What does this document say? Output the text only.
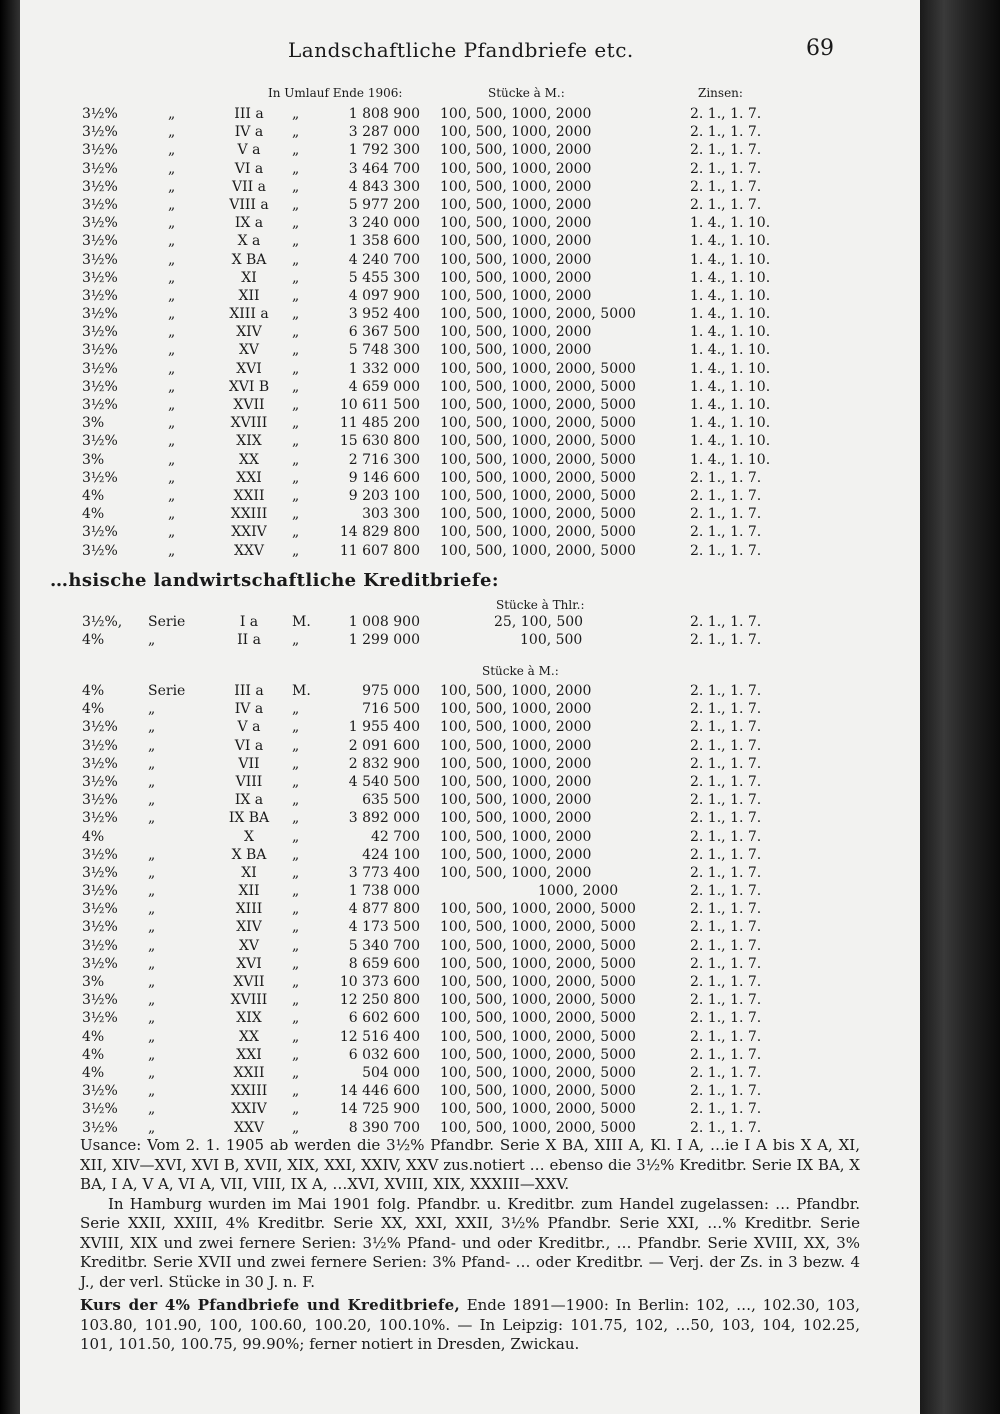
Landschaftliche Pfandbriefe etc.	69
In Umlauf Ende 1906:	Stücke à M.:	Zinsen:
3½%	„	III a	„	1 808 900 100, 500, 1000, 2000	2. 1., 1. 7.
3½%	„	IV a	„	3 287 000 100, 500, 1000, 2000	2. 1., 1. 7.
3½%	„	V a	„	1 792 300 100, 500, 1000, 2000	2. 1., 1. 7.
3½%	„	VI a	„	3 464 700 100, 500, 1000, 2000	2. 1., 1. 7.
3½%	„	VII a	„	4 843 300 100, 500, 1000, 2000	2. 1., 1. 7.
3½%	„	VIII a	„	5 977 200 100, 500, 1000, 2000	2. 1., 1. 7.
3½%	„	IX a	„	3 240 000 100, 500, 1000, 2000	1. 4., 1. 10.
3½%	„	X a	„	1 358 600 100, 500, 1000, 2000	1. 4., 1. 10.
3½%	„	X BA	„	4 240 700 100, 500, 1000, 2000	1. 4., 1. 10.
3½%	„	XI	„	5 455 300 100, 500, 1000, 2000	1. 4., 1. 10.
3½%	„	XII	„	4 097 900 100, 500, 1000, 2000	1. 4., 1. 10.
3½%	„	XIII a	„	3 952 400 100, 500, 1000, 2000, 5000	1. 4., 1. 10.
3½%	„	XIV	„	6 367 500 100, 500, 1000, 2000	1. 4., 1. 10.
3½%	„	XV	„	5 748 300 100, 500, 1000, 2000	1. 4., 1. 10.
3½%	„	XVI	„	1 332 000 100, 500, 1000, 2000, 5000	1. 4., 1. 10.
3½%	„	XVI B	„	4 659 000 100, 500, 1000, 2000, 5000	1. 4., 1. 10.
3½%	„	XVII	„	10 611 500 100, 500, 1000, 2000, 5000	1. 4., 1. 10.
3%	„	XVIII	„	11 485 200 100, 500, 1000, 2000, 5000	1. 4., 1. 10.
3½%	„	XIX	„	15 630 800 100, 500, 1000, 2000, 5000	1. 4., 1. 10.
3%	„	XX	„	2 716 300 100, 500, 1000, 2000, 5000	1. 4., 1. 10.
3½%	„	XXI	„	9 146 600 100, 500, 1000, 2000, 5000	2. 1., 1. 7.
4%	„	XXII	„	9 203 100 100, 500, 1000, 2000, 5000	2. 1., 1. 7.
4%	„	XXIII	„	303 300 100, 500, 1000, 2000, 5000	2. 1., 1. 7.
3½%	„	XXIV	„	14 829 800 100, 500, 1000, 2000, 5000	2. 1., 1. 7.
3½%	„	XXV	„	11 607 800 100, 500, 1000, 2000, 5000	2. 1., 1. 7.
…hsische landwirtschaftliche Kreditbriefe:
Stücke à Thlr.:
3½%, Serie	I a	M.	1 008 900	25, 100, 500	2. 1., 1. 7.
4%	„	II a	„	1 299 000	100, 500	2. 1., 1. 7.
Stücke à M.:
4%	Serie	III a	M.	975 000 100, 500, 1000, 2000	2. 1., 1. 7.
4%	„	IV a	„	716 500 100, 500, 1000, 2000	2. 1., 1. 7.
3½% „	V a	„	1 955 400 100, 500, 1000, 2000	2. 1., 1. 7.
3½% „	VI a	„	2 091 600 100, 500, 1000, 2000	2. 1., 1. 7.
3½% „	VII	„	2 832 900 100, 500, 1000, 2000	2. 1., 1. 7.
3½% „	VIII	„	4 540 500 100, 500, 1000, 2000	2. 1., 1. 7.
3½% „	IX a	„	635 500 100, 500, 1000, 2000	2. 1., 1. 7.
3½% „	IX BA	„	3 892 000 100, 500, 1000, 2000	2. 1., 1. 7.
4%	X	„	42 700 100, 500, 1000, 2000	2. 1., 1. 7.
3½% „	X BA	„	424 100 100, 500, 1000, 2000	2. 1., 1. 7.
3½% „	XI	„	3 773 400 100, 500, 1000, 2000	2. 1., 1. 7.
3½% „	XII	„	1 738 000	1000, 2000	2. 1., 1. 7.
3½% „	XIII	„	4 877 800 100, 500, 1000, 2000, 5000	2. 1., 1. 7.
3½% „	XIV	„	4 173 500 100, 500, 1000, 2000, 5000	2. 1., 1. 7.
3½% „	XV	„	5 340 700 100, 500, 1000, 2000, 5000	2. 1., 1. 7.
3½% „	XVI	„	8 659 600 100, 500, 1000, 2000, 5000	2. 1., 1. 7.
3%	„	XVII	„	10 373 600 100, 500, 1000, 2000, 5000	2. 1., 1. 7.
3½% „	XVIII	„	12 250 800 100, 500, 1000, 2000, 5000	2. 1., 1. 7.
3½% „	XIX	„	6 602 600 100, 500, 1000, 2000, 5000	2. 1., 1. 7.
4%	„	XX	„	12 516 400 100, 500, 1000, 2000, 5000	2. 1., 1. 7.
4%	„	XXI	„	6 032 600 100, 500, 1000, 2000, 5000	2. 1., 1. 7.
4%	„	XXII	„	504 000 100, 500, 1000, 2000, 5000	2. 1., 1. 7.
3½% „	XXIII	„	14 446 600 100, 500, 1000, 2000, 5000	2. 1., 1. 7.
3½% „	XXIV	„	14 725 900 100, 500, 1000, 2000, 5000	2. 1., 1. 7.
3½% „	XXV	„	8 390 700 100, 500, 1000, 2000, 5000	2. 1., 1. 7.

Usance: Vom 2. 1. 1905 ab werden die 3½% Pfandbr. Serie X BA, XIII A, Kl. I A, …ie I A bis X A, XI, XII, XIV—XVI, XVI B, XVII, XIX, XXI, XXIV, XXV zus.notiert … ebenso die 3½% Kreditbr. Serie IX BA, X BA, I A, V A, VI A, VII, VIII, IX A, …XVI, XVIII, XIX, XXXIII—XXV.

In Hamburg wurden im Mai 1901 folg. Pfandbr. u. Kreditbr. zum Handel zugelassen: … Pfandbr. Serie XXII, XXIII, 4% Kreditbr. Serie XX, XXI, XXII, 3½% Pfandbr. Serie XXI, …% Kreditbr. Serie XVIII, XIX und zwei fernere Serien: 3½% Pfand- und oder Kreditbr., … Pfandbr. Serie XVIII, XX, 3% Kreditbr. Serie XVII und zwei fernere Serien: 3% Pfand- … oder Kreditbr. — Verj. der Zs. in 3 bezw. 4 J., der verl. Stücke in 30 J. n. F.

Kurs der 4% Pfandbriefe und Kreditbriefe, Ende 1891—1900: In Berlin: 102, …, 102.30, 103, 103.80, 101.90, 100, 100.60, 100.20, 100.10%. — In Leipzig: 101.75, 102, …50, 103, 104, 102.25, 101, 101.50, 100.75, 99.90%; ferner notiert in Dresden, Zwickau.
